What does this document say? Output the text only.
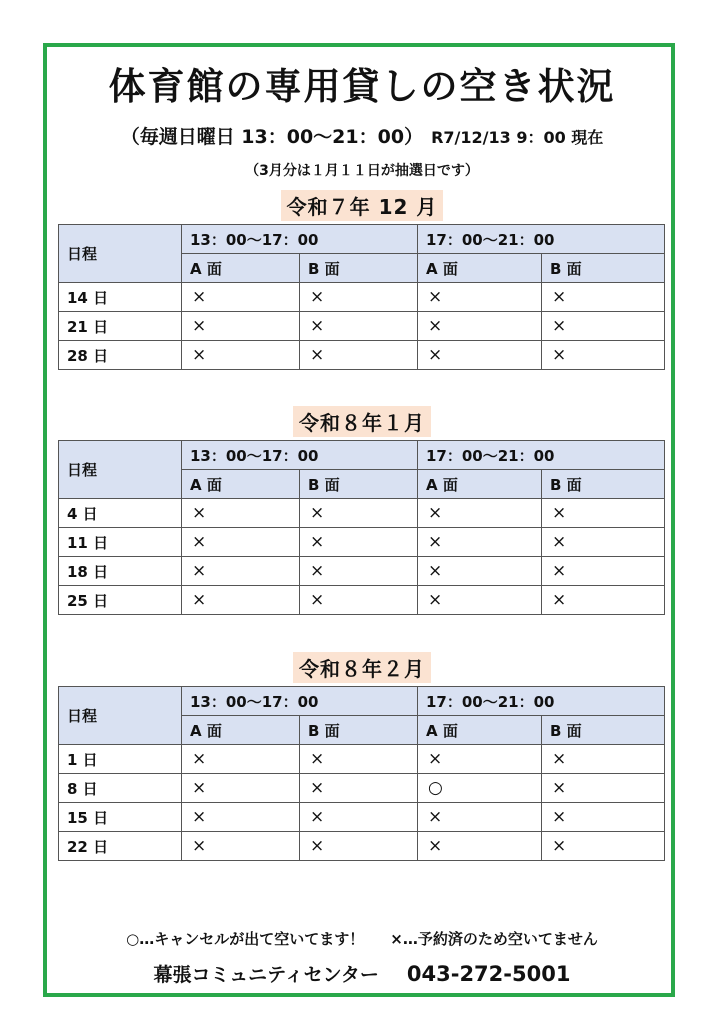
体育館の専用貸しの空き状況
（毎週日曜日 13：00～21：00） R7/12/13 9：00 現在
（3月分は１月１１日が抽選日です）
令和７年 12 月
日程	13：00～17：00		17：00～21：00	
	A 面	B 面	A 面	B 面
14 日	×	×	×	×
21 日	×	×	×	×
28 日	×	×	×	×
令和８年１月
日程	13：00～17：00		17：00～21：00	
	A 面	B 面	A 面	B 面
4 日	×	×	×	×
11 日	×	×	×	×
18 日	×	×	×	×
25 日	×	×	×	×
令和８年２月
日程	13：00～17：00		17：00～21：00	
	A 面	B 面	A 面	B 面
1 日	×	×	×	×
8 日	×	×	○	×
15 日	×	×	×	×
22 日	×	×	×	×
○…キャンセルが出て空いてます！ ×…予約済のため空いてません
幕張コミュニティセンター 043-272-5001
